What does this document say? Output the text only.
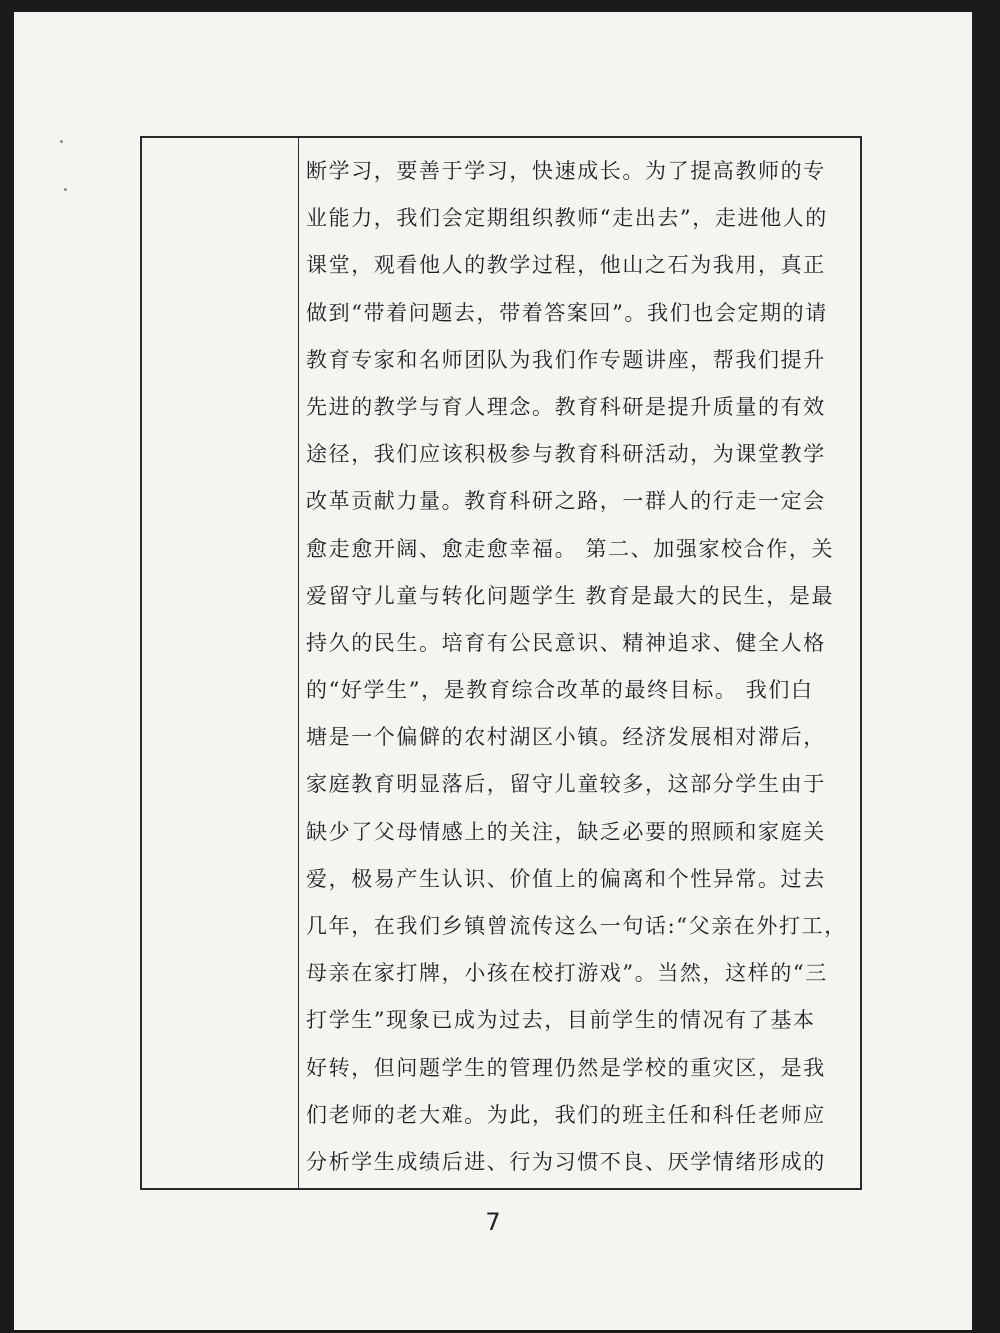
断学习，要善于学习，快速成长。为了提高教师的专
业能力，我们会定期组织教师“走出去”，走进他人的
课堂，观看他人的教学过程，他山之石为我用，真正
做到“带着问题去，带着答案回”。我们也会定期的请
教育专家和名师团队为我们作专题讲座，帮我们提升
先进的教学与育人理念。教育科研是提升质量的有效
途径，我们应该积极参与教育科研活动，为课堂教学
改革贡献力量。教育科研之路，一群人的行走一定会
愈走愈开阔、愈走愈幸福。 第二、加强家校合作，关
爱留守儿童与转化问题学生 教育是最大的民生，是最
持久的民生。培育有公民意识、精神追求、健全人格
的“好学生”，是教育综合改革的最终目标。 我们白
塘是一个偏僻的农村湖区小镇。经济发展相对滞后，
家庭教育明显落后，留守儿童较多，这部分学生由于
缺少了父母情感上的关注，缺乏必要的照顾和家庭关
爱，极易产生认识、价值上的偏离和个性异常。过去
几年，在我们乡镇曾流传这么一句话:“父亲在外打工，
母亲在家打牌，小孩在校打游戏”。当然，这样的“三
打学生”现象已成为过去，目前学生的情况有了基本
好转，但问题学生的管理仍然是学校的重灾区，是我
们老师的老大难。为此，我们的班主任和科任老师应
分析学生成绩后进、行为习惯不良、厌学情绪形成的
7
